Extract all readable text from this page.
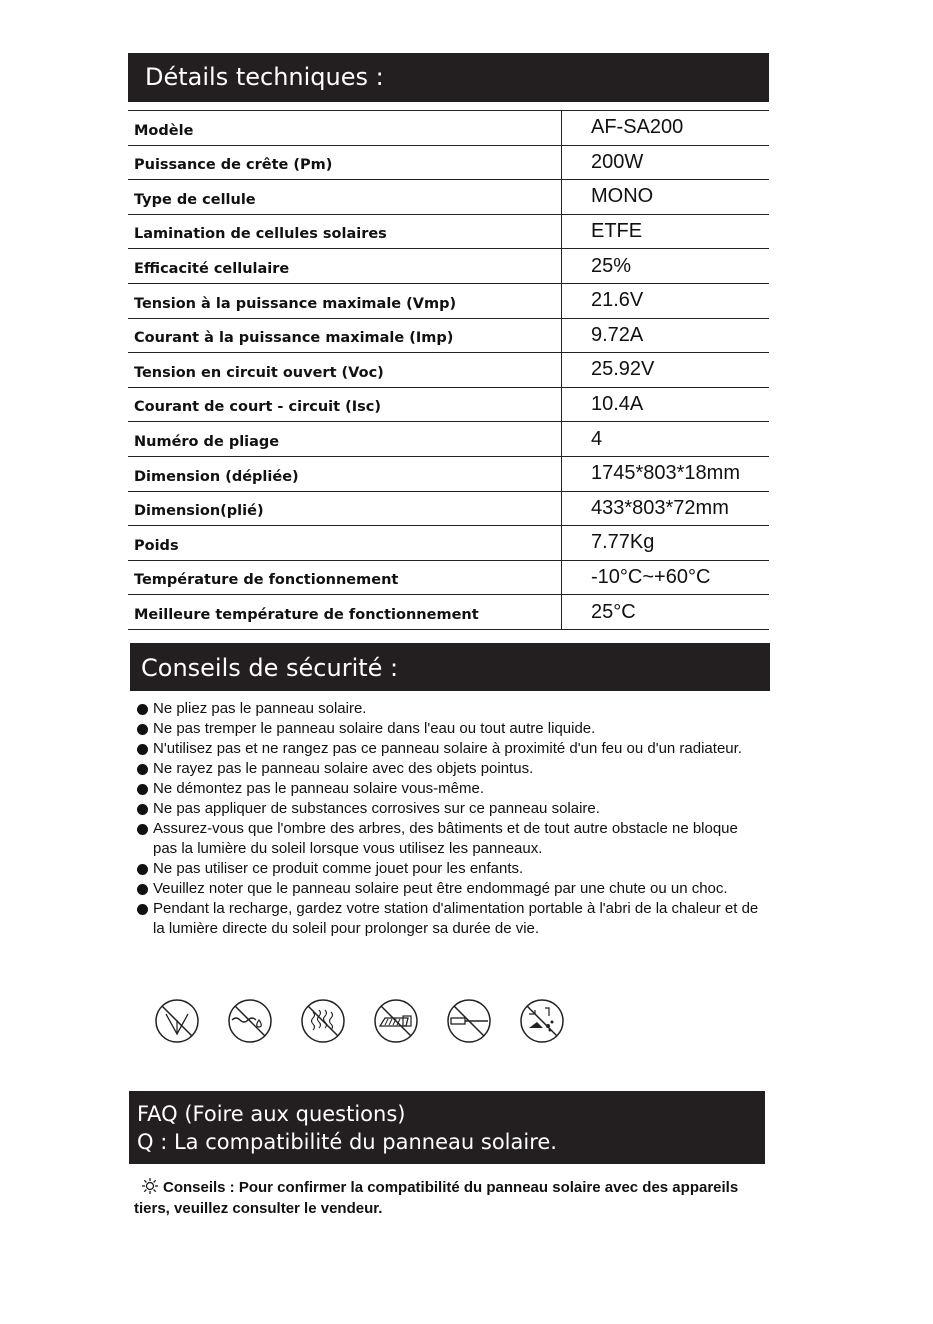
Détails techniques :
Modèle	AF-SA200
Puissance de crête (Pm)	200W
Type de cellule	MONO
Lamination de cellules solaires	ETFE
Efficacité cellulaire	25%
Tension à la puissance maximale (Vmp)	21.6V
Courant à la puissance maximale (Imp)	9.72A
Tension en circuit ouvert (Voc)	25.92V
Courant de court - circuit (Isc)	10.4A
Numéro de pliage	4
Dimension (dépliée)	1745*803*18mm
Dimension(plié)	433*803*72mm
Poids	7.77Kg
Température de fonctionnement	-10°C~+60°C
Meilleure température de fonctionnement	25°C
Conseils de sécurité :
Ne pliez pas le panneau solaire.
Ne pas tremper le panneau solaire dans l'eau ou tout autre liquide.
N'utilisez pas et ne rangez pas ce panneau solaire à proximité d'un feu ou d'un radiateur.
Ne rayez pas le panneau solaire avec des objets pointus.
Ne démontez pas le panneau solaire vous-même.
Ne pas appliquer de substances corrosives sur ce panneau solaire.
Assurez-vous que l'ombre des arbres, des bâtiments et de tout autre obstacle ne bloque pas la lumière du soleil lorsque vous utilisez les panneaux.
Ne pas utiliser ce produit comme jouet pour les enfants.
Veuillez noter que le panneau solaire peut être endommagé par une chute ou un choc.
Pendant la recharge, gardez votre station d'alimentation portable à l'abri de la chaleur et de la lumière directe du soleil pour prolonger sa durée de vie.
FAQ (Foire aux questions)
Q : La compatibilité du panneau solaire.
Conseils : Pour confirmer la compatibilité du panneau solaire avec des appareils tiers, veuillez consulter le vendeur.
